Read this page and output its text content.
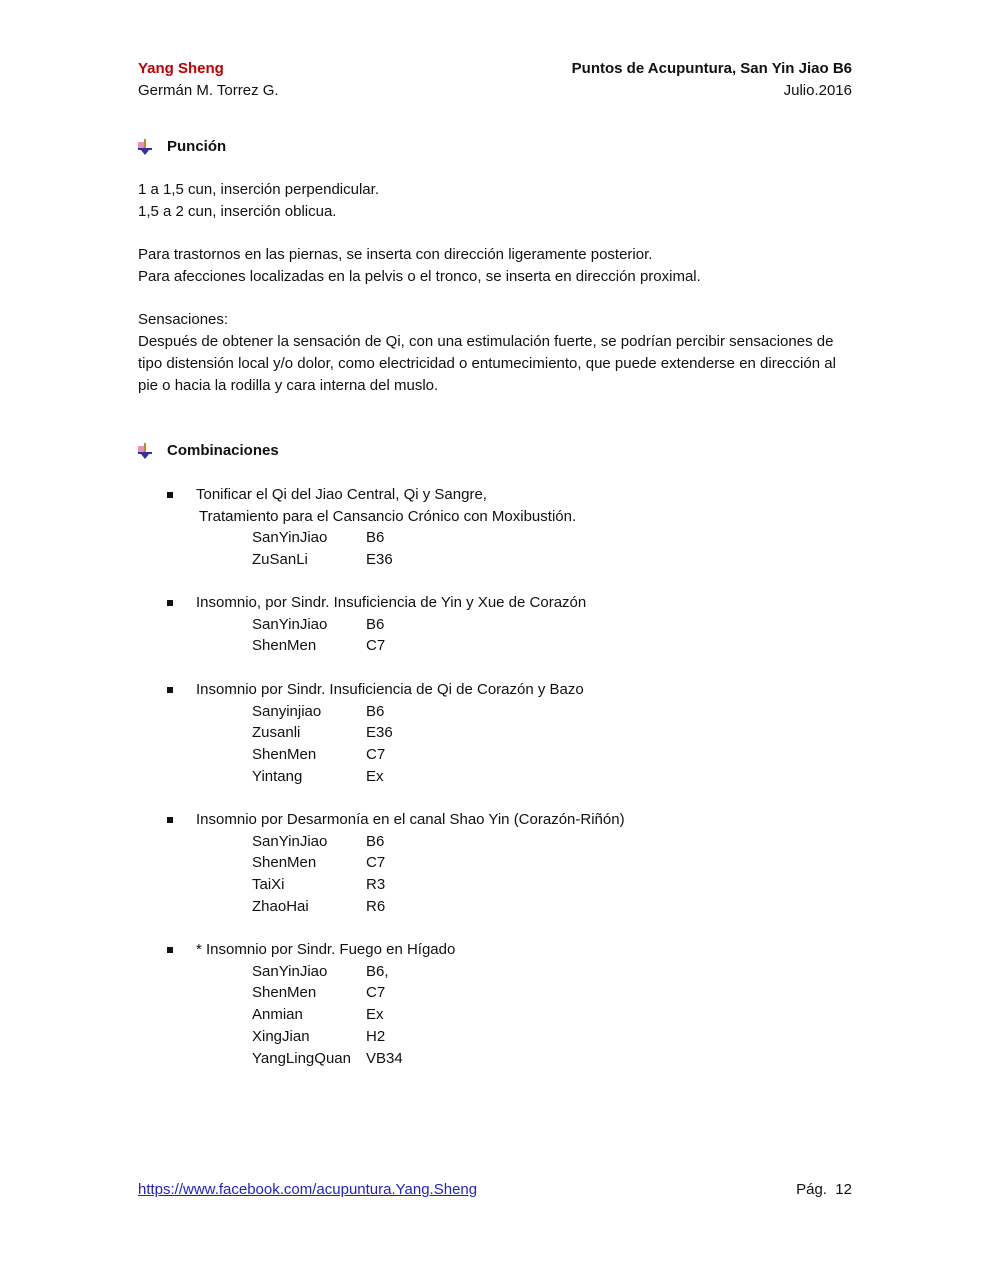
Yang Sheng
Germán M. Torrez G.
Puntos de Acupuntura, San Yin Jiao B6
Julio.2016
Punción

1 a 1,5 cun, inserción perpendicular.

1,5 a 2 cun, inserción oblicua.

Para trastornos en las piernas, se inserta con dirección ligeramente posterior.

Para afecciones localizadas en la pelvis o el tronco, se inserta en dirección proximal.

Sensaciones:

Después de obtener la sensación de Qi, con una estimulación fuerte, se podrían percibir sensaciones de tipo distensión local y/o dolor, como electricidad o entumecimiento, que puede extenderse en dirección al pie o hacia la rodilla y cara interna del muslo.

Combinaciones
Tonificar el Qi del Jiao Central, Qi y Sangre,
Tratamiento para el Cansancio Crónico con Moxibustión.
SanYinJiao	B6
ZuSanLi	E36
Insomnio, por Sindr. Insuficiencia de Yin y Xue de Corazón
SanYinJiao	B6
ShenMen	C7
Insomnio por Sindr. Insuficiencia de Qi de Corazón y Bazo
Sanyinjiao	B6
Zusanli	E36
ShenMen	C7
Yintang	Ex
Insomnio por Desarmonía en el canal Shao Yin (Corazón-Riñón)
SanYinJiao	B6
ShenMen	C7
TaiXi	R3
ZhaoHai	R6
* Insomnio por Sindr. Fuego en Hígado
SanYinJiao	B6,
ShenMen	C7
Anmian	Ex
XingJian	H2
YangLingQuan	VB34
https://www.facebook.com/acupuntura.Yang.Sheng	Pág.  12
